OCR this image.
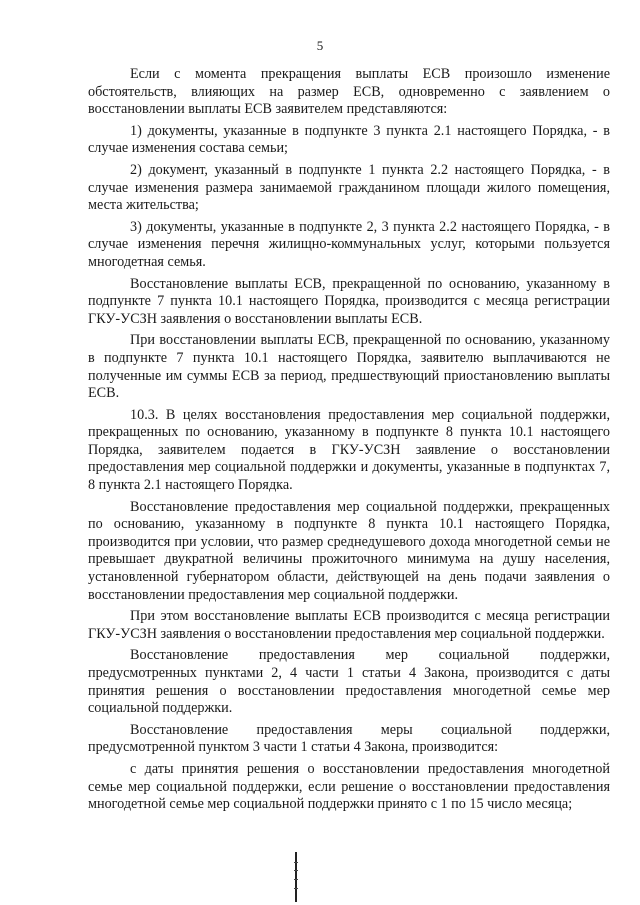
5

Если с момента прекращения выплаты ЕСВ произошло изменение обстоятельств, влияющих на размер ЕСВ, одновременно с заявлением о восстановлении выплаты ЕСВ заявителем представляются:

1) документы, указанные в подпункте 3 пункта 2.1 настоящего Порядка, - в случае изменения состава семьи;

2) документ, указанный в подпункте 1 пункта 2.2 настоящего Порядка, - в случае изменения размера занимаемой гражданином площади жилого помещения, места жительства;

3) документы, указанные в подпункте 2, 3 пункта 2.2 настоящего Порядка, - в случае изменения перечня жилищно-коммунальных услуг, которыми пользуется многодетная семья.

Восстановление выплаты ЕСВ, прекращенной по основанию, указанному в подпункте 7 пункта 10.1 настоящего Порядка, производится с месяца регистрации ГКУ-УСЗН заявления о восстановлении выплаты ЕСВ.

При восстановлении выплаты ЕСВ, прекращенной по основанию, указанному в подпункте 7 пункта 10.1 настоящего Порядка, заявителю выплачиваются не полученные им суммы ЕСВ за период, предшествующий приостановлению выплаты ЕСВ.

10.3. В целях восстановления предоставления мер социальной поддержки, прекращенных по основанию, указанному в подпункте 8 пункта 10.1 настоящего Порядка, заявителем подается в ГКУ-УСЗН заявление о восстановлении предоставления мер социальной поддержки и документы, указанные в подпунктах 7, 8 пункта 2.1 настоящего Порядка.

Восстановление предоставления мер социальной поддержки, прекращенных по основанию, указанному в подпункте 8 пункта 10.1 настоящего Порядка, производится при условии, что размер среднедушевого дохода многодетной семьи не превышает двукратной величины прожиточного минимума на душу населения, установленной губернатором области, действующей на день подачи заявления о восстановлении предоставления мер социальной поддержки.

При этом восстановление выплаты ЕСВ производится с месяца регистрации ГКУ-УСЗН заявления о восстановлении предоставления мер социальной поддержки.

Восстановление предоставления мер социальной поддержки, предусмотренных пунктами 2, 4 части 1 статьи 4 Закона, производится с даты принятия решения о восстановлении предоставления многодетной семье мер социальной поддержки.

Восстановление предоставления меры социальной поддержки, предусмотренной пунктом 3 части 1 статьи 4 Закона, производится:

с даты принятия решения о восстановлении предоставления многодетной семье мер социальной поддержки, если решение о восстановлении предоставления многодетной семье мер социальной поддержки принято с 1 по 15 число месяца;
